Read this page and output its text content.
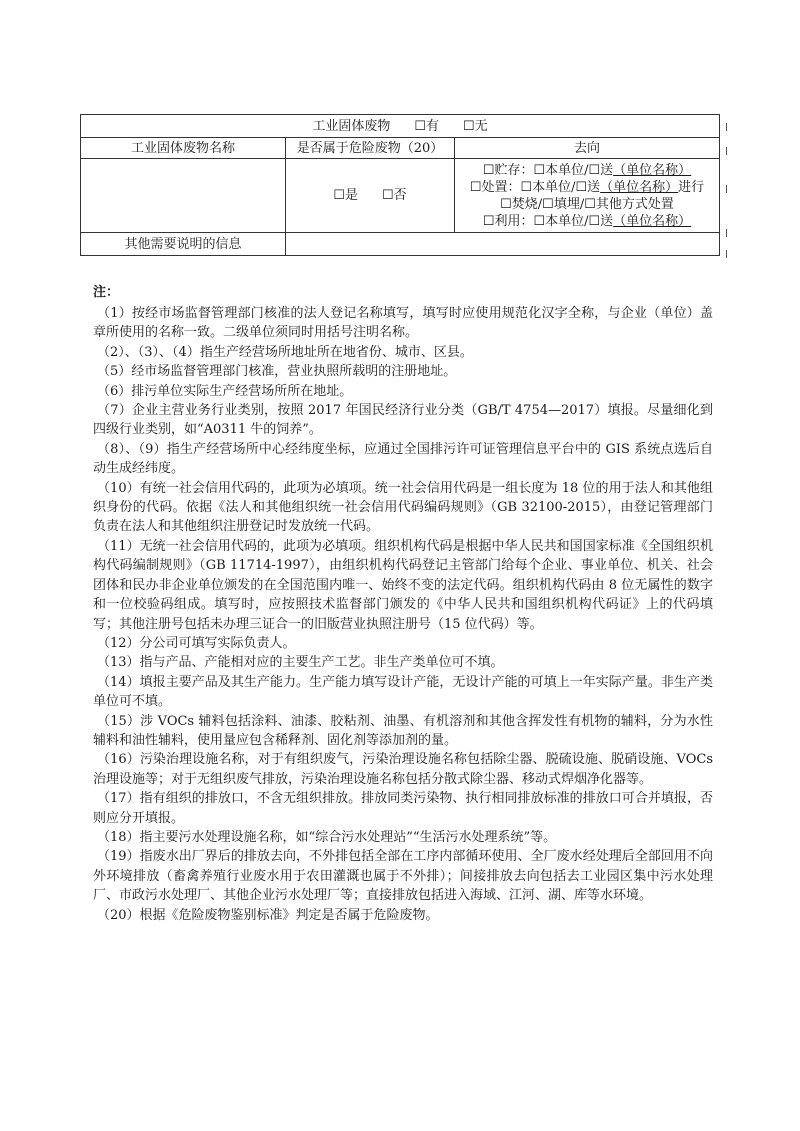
工业固体废物 ☐有 ☐无		
工业固体废物名称	是否属于危险废物（20）	去向
	☐是 ☐否	☐贮存：☐本单位/☐送（单位名称）
☐处置：☐本单位/☐送（单位名称）进行
☐焚烧/☐填埋/☐其他方式处置
☐利用：☐本单位/☐送（单位名称）

其他需要说明的信息		

注：

（1）按经市场监督管理部门核准的法人登记名称填写，填写时应使用规范化汉字全称，与企业（单位）盖章所使用的名称一致。二级单位须同时用括号注明名称。

（2）、（3）、（4）指生产经营场所地址所在地省份、城市、区县。

（5）经市场监督管理部门核准，营业执照所载明的注册地址。

（6）排污单位实际生产经营场所所在地址。

（7）企业主营业务行业类别，按照 2017 年国民经济行业分类（GB/T 4754—2017）填报。尽量细化到四级行业类别，如“A0311 牛的饲养”。

（8）、（9）指生产经营场所中心经纬度坐标，应通过全国排污许可证管理信息平台中的 GIS 系统点选后自动生成经纬度。

（10）有统一社会信用代码的，此项为必填项。统一社会信用代码是一组长度为 18 位的用于法人和其他组织身份的代码。依据《法人和其他组织统一社会信用代码编码规则》（GB 32100-2015），由登记管理部门负责在法人和其他组织注册登记时发放统一代码。

（11）无统一社会信用代码的，此项为必填项。组织机构代码是根据中华人民共和国国家标准《全国组织机构代码编制规则》（GB 11714-1997），由组织机构代码登记主管部门给每个企业、事业单位、机关、社会团体和民办非企业单位颁发的在全国范围内唯一、始终不变的法定代码。组织机构代码由 8 位无属性的数字和一位校验码组成。填写时，应按照技术监督部门颁发的《中华人民共和国组织机构代码证》上的代码填写；其他注册号包括未办理三证合一的旧版营业执照注册号（15 位代码）等。

（12）分公司可填写实际负责人。

（13）指与产品、产能相对应的主要生产工艺。非生产类单位可不填。

（14）填报主要产品及其生产能力。生产能力填写设计产能，无设计产能的可填上一年实际产量。非生产类单位可不填。

（15）涉 VOCs 辅料包括涂料、油漆、胶粘剂、油墨、有机溶剂和其他含挥发性有机物的辅料，分为水性辅料和油性辅料，使用量应包含稀释剂、固化剂等添加剂的量。

（16）污染治理设施名称，对于有组织废气，污染治理设施名称包括除尘器、脱硫设施、脱硝设施、VOCs 治理设施等；对于无组织废气排放，污染治理设施名称包括分散式除尘器、移动式焊烟净化器等。

（17）指有组织的排放口，不含无组织排放。排放同类污染物、执行相同排放标准的排放口可合并填报，否则应分开填报。

（18）指主要污水处理设施名称，如“综合污水处理站”“生活污水处理系统”等。

（19）指废水出厂界后的排放去向，不外排包括全部在工序内部循环使用、全厂废水经处理后全部回用不向外环境排放（畜禽养殖行业废水用于农田灌溉也属于不外排）；间接排放去向包括去工业园区集中污水处理厂、市政污水处理厂、其他企业污水处理厂等；直接排放包括进入海域、江河、湖、库等水环境。

（20）根据《危险废物鉴别标准》判定是否属于危险废物。
